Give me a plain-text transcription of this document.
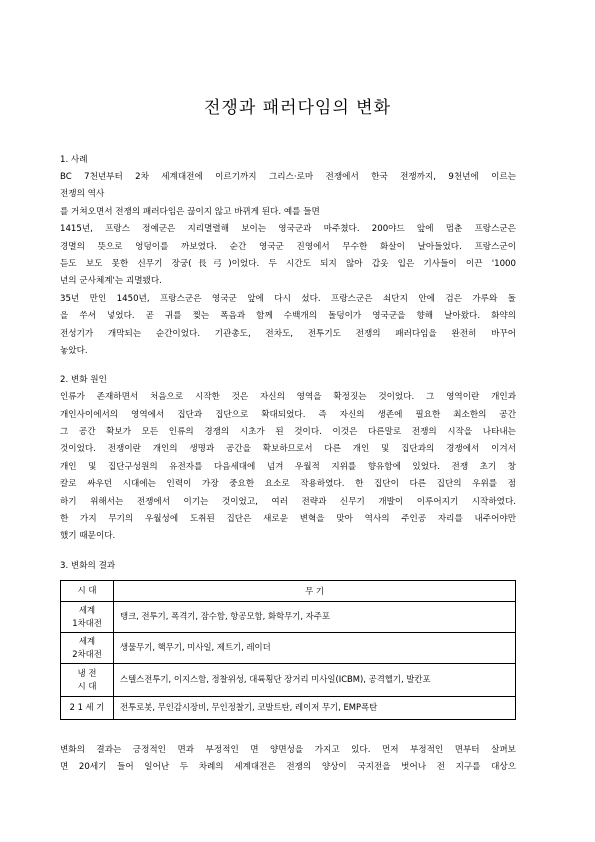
전쟁과 패러다임의 변화
1. 사례
BC 7천년부터 2차 세계대전에 이르기까지 그리스·로마 전쟁에서 한국 전쟁까지, 9천년에 이르는
전쟁의 역사
를 거쳐오면서 전쟁의 패러다임은 끊이지 않고 바뀌게 된다. 예를 들면
1415년, 프랑스 정예군은 지리멸렬해 보이는 영국군과 마주쳤다. 200야드 앞에 멈춘 프랑스군은
경멸의 뜻으로 엉덩이를 까보였다. 순간 영국군 진영에서 무수한 화살이 날아들었다. 프랑스군이
듣도 보도 못한 신무기 장궁(長弓)이었다. 두 시간도 되지 않아 갑옷 입은 기사들이 이끈 '1000
년의 군사체계'는 괴멸됐다.
35년 만인 1450년, 프랑스군은 영국군 앞에 다시 섰다. 프랑스군은 쇠단지 안에 검은 가루와 돌
을 쑤셔 넣었다. 곧 귀를 찢는 폭음과 함께 수백개의 돌덩이가 영국군을 향해 날아왔다. 화약의
전성기가 개막되는 순간이었다. 기관총도, 전차도, 전투기도 전쟁의 패러다임을 완전히 바꾸어
놓았다.
2. 변화 원인
인류가 존재하면서 처음으로 시작한 것은 자신의 영역을 확정짓는 것이었다. 그 영역이란 개인과
개인사이에서의 영역에서 집단과 집단으로 확대되었다. 즉 자신의 생존에 필요한 최소한의 공간
그 공간 확보가 모든 인류의 경쟁의 시초가 된 것이다. 이것은 다른말로 전쟁의 시작을 나타내는
것이었다. 전쟁이란 개인의 생명과 공간을 확보하므로서 다른 개인 및 집단과의 경쟁에서 이겨서
개인 및 집단구성원의 유전자를 다음세대에 넘겨 우월적 지위를 향유함에 있었다. 전쟁 초기 창
칼로 싸우던 시대에는 인력이 가장 중요한 요소로 작용하였다. 한 집단이 다른 집단의 우위를 점
하기 위해서는 전쟁에서 이기는 것이었고, 여러 전략과 신무기 개발이 이루어지기 시작하였다.
한 가지 무기의 우월성에 도취된 집단은 새로운 변혁을 맞아 역사의 주인공 자리를 내주어야만
했기 때문이다.
3. 변화의 결과
시 대	무 기

세계
1차대전	탱크, 전투기, 폭격기, 잠수함, 항공모함, 화학무기, 자주포

세계
2차대전	생물무기, 핵무기, 미사일, 제트기, 레이더

냉 전
시 대	스텔스전투기, 이지스함, 정찰위성, 대륙횡단 장거리 미사일(ICBM), 공격헬기, 발칸포

2 1 세 기	전투로봇, 무인감시장비, 무인정찰기, 코발트탄, 레이저 무기, EMP폭탄
변화의 결과는 긍정적인 면과 부정적인 면 양면성을 가지고 있다. 먼저 부정적인 면부터 살펴보
면 20세기 들어 일어난 두 차례의 세계대전은 전쟁의 양상이 국지전을 벗어나 전 지구를 대상으
